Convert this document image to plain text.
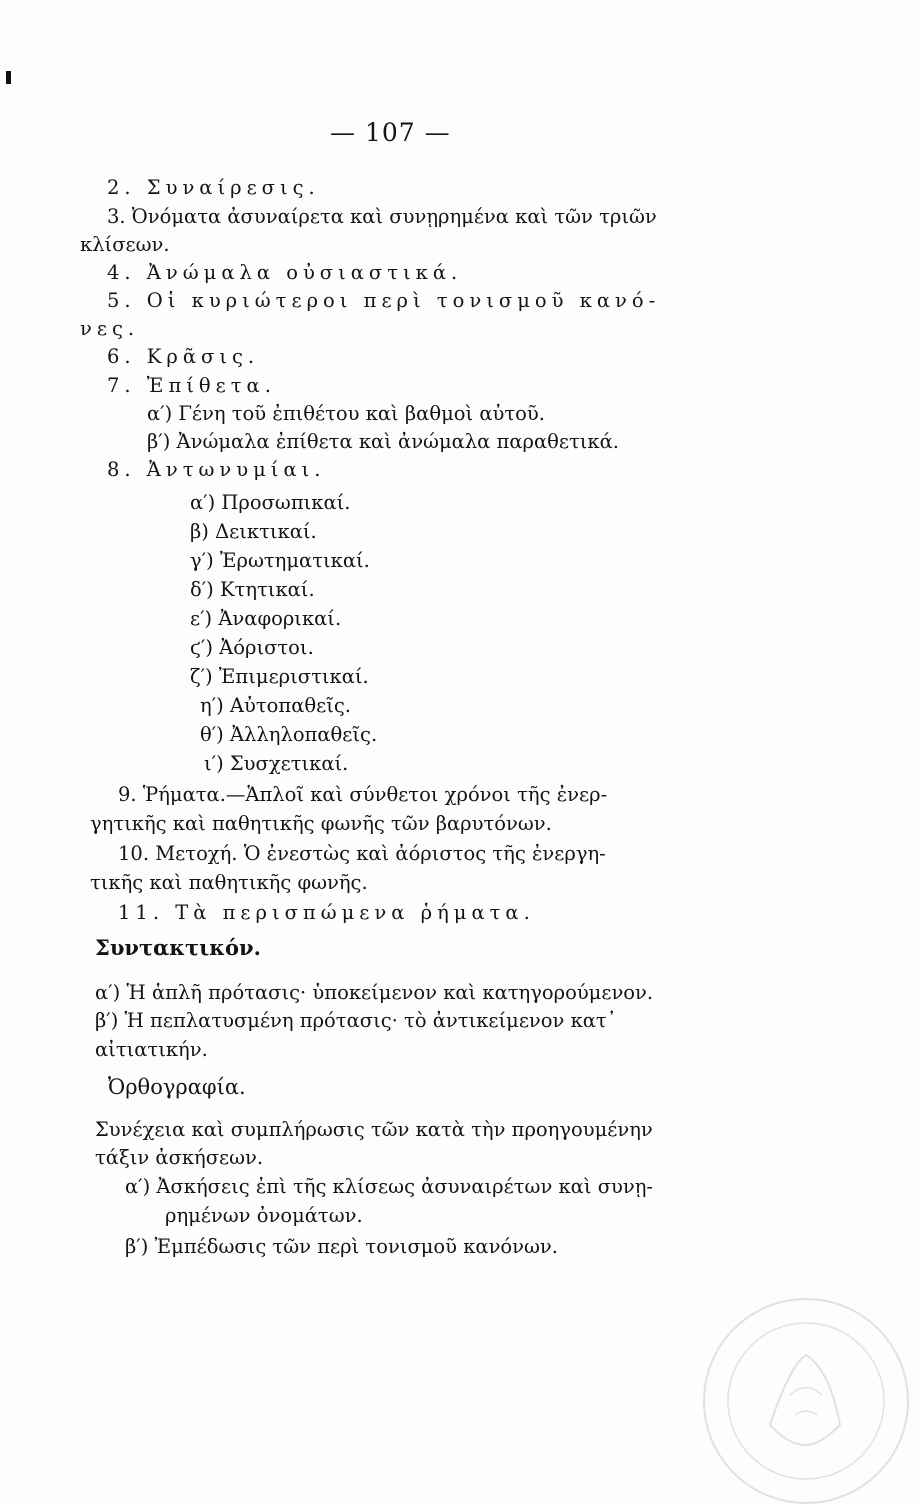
— 107 —
2. Συναίρεσις.
3. Ὀνόματα ἀσυναίρετα καὶ συνῃρημένα καὶ τῶν τριῶν
κλίσεων.
4. Ἀνώμαλα οὐσιαστικά.
5. Οἱ κυριώτεροι περὶ τονισμοῦ κανό-
νες.
6. Κρᾶσις.
7. Ἐπίθετα.
α′) Γένη τοῦ ἐπιθέτου καὶ βαθμοὶ αὐτοῦ.
β′) Ἀνώμαλα ἐπίθετα καὶ ἀνώμαλα παραθετικά.
8. Ἀντωνυμίαι.
α′) Προσωπικαί.
β) Δεικτικαί.
γ′) Ἐρωτηματικαί.
δ′) Κτητικαί.
ε′) Ἀναφορικαί.
ϛ′) Ἀόριστοι.
ζ′) Ἐπιμεριστικαί.
η′) Αὐτοπαθεῖς.
θ′) Ἀλληλοπαθεῖς.
ι′) Συσχετικαί.
9. Ῥήματα.—Ἁπλοῖ καὶ σύνθετοι χρόνοι τῆς ἐνερ-
γητικῆς καὶ παθητικῆς φωνῆς τῶν βαρυτόνων.
10. Μετοχή. Ὁ ἐνεστὼς καὶ ἀόριστος τῆς ἐνεργη-
τικῆς καὶ παθητικῆς φωνῆς.
11. Τὰ περισπώμενα ῥήματα.
Συντακτικόν.
α′) Ἡ ἁπλῆ πρότασις· ὑποκείμενον καὶ κατηγορούμενον.
β′) Ἡ πεπλατυσμένη πρότασις· τὸ ἀντικείμενον κατ᾽
αἰτιατικήν.
Ὀρθογραφία.
Συνέχεια καὶ συμπλήρωσις τῶν κατὰ τὴν προηγουμένην
τάξιν ἀσκήσεων.
α′) Ἀσκήσεις ἐπὶ τῆς κλίσεως ἀσυναιρέτων καὶ συνῃ-
ρημένων ὀνομάτων.
β′) Ἐμπέδωσις τῶν περὶ τονισμοῦ κανόνων.
